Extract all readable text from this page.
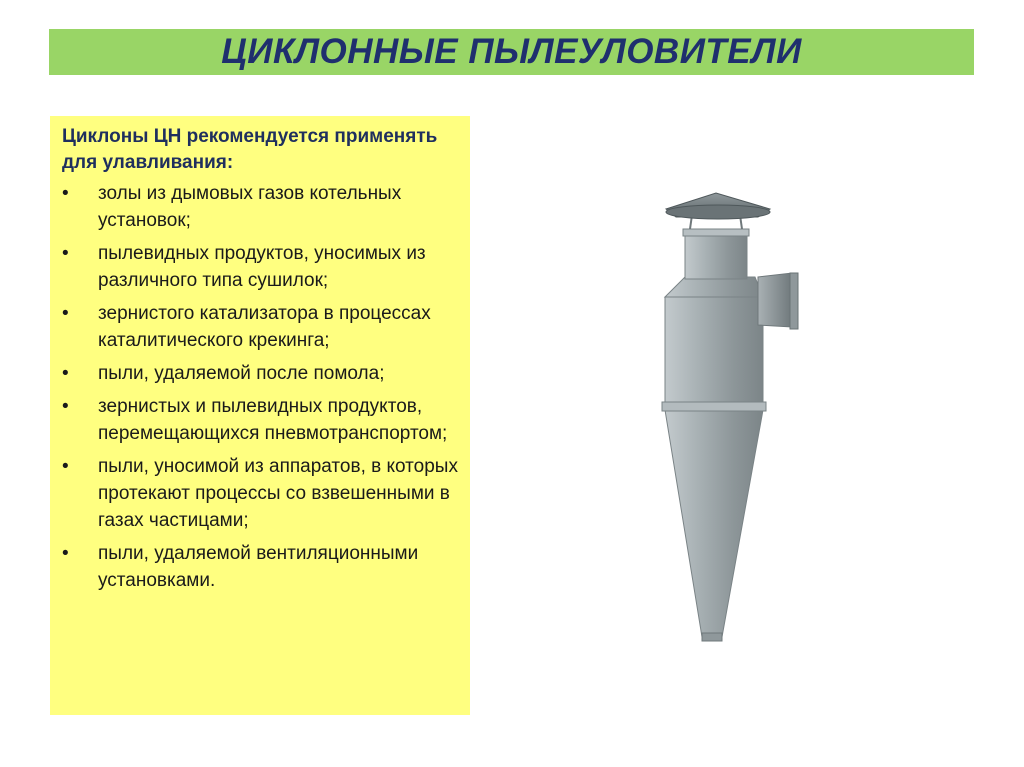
ЦИКЛОННЫЕ ПЫЛЕУЛОВИТЕЛИ

Циклоны ЦН рекомендуется применять для улавливания:

•	золы из дымовых газов котельных установок;
•	пылевидных продуктов, уносимых из различного типа сушилок;
•	зернистого катализатора в процессах каталитического крекинга;
•	пыли, удаляемой после помола;
•	зернистых и пылевидных продуктов, перемещающихся пневмотранспортом;
•	пыли, уносимой из аппаратов, в которых протекают процессы со взвешенными в газах частицами;
•	пыли, удаляемой вентиляционными установками.
